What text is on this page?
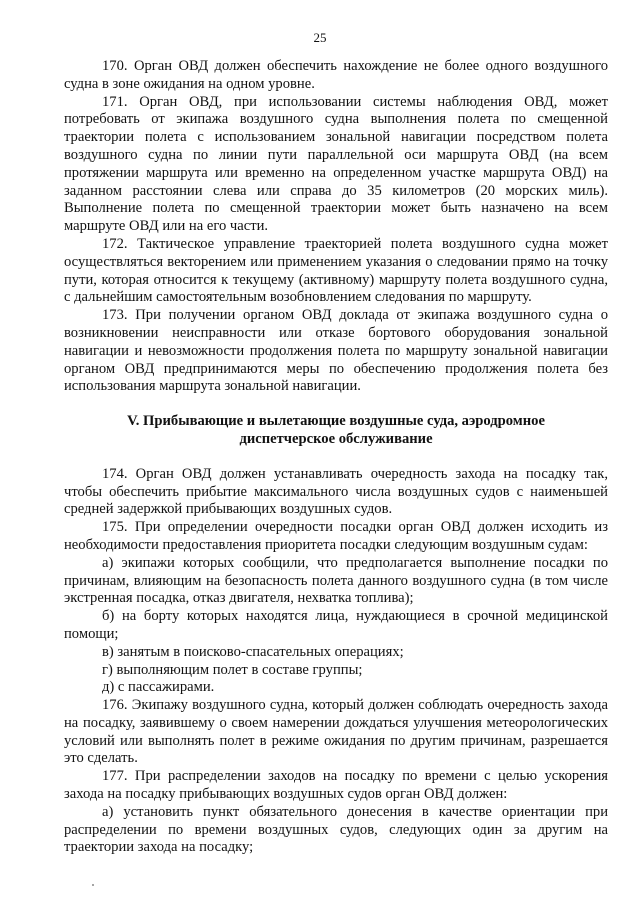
25

170. Орган ОВД должен обеспечить нахождение не более одного воздушного судна в зоне ожидания на одном уровне.

171. Орган ОВД, при использовании системы наблюдения ОВД, может потребовать от экипажа воздушного судна выполнения полета по смещенной траектории полета с использованием зональной навигации посредством полета воздушного судна по линии пути параллельной оси маршрута ОВД (на всем протяжении маршрута или временно на определенном участке маршрута ОВД) на заданном расстоянии слева или справа до 35 километров (20 морских миль). Выполнение полета по смещенной траектории может быть назначено на всем маршруте ОВД или на его части.

172. Тактическое управление траекторией полета воздушного судна может осуществляться векторением или применением указания о следовании прямо на точку пути, которая относится к текущему (активному) маршруту полета воздушного судна, с дальнейшим самостоятельным возобновлением следования по маршруту.

173. При получении органом ОВД доклада от экипажа воздушного судна о возникновении неисправности или отказе бортового оборудования зональной навигации и невозможности продолжения полета по маршруту зональной навигации органом ОВД предпринимаются меры по обеспечению продолжения полета без использования маршрута зональной навигации.

V. Прибывающие и вылетающие воздушные суда, аэродромное
диспетчерское обслуживание

174. Орган ОВД должен устанавливать очередность захода на посадку так, чтобы обеспечить прибытие максимального числа воздушных судов с наименьшей средней задержкой прибывающих воздушных судов.

175. При определении очередности посадки орган ОВД должен исходить из необходимости предоставления приоритета посадки следующим воздушным судам:

а) экипажи которых сообщили, что предполагается выполнение посадки по причинам, влияющим на безопасность полета данного воздушного судна (в том числе экстренная посадка, отказ двигателя, нехватка топлива);

б) на борту которых находятся лица, нуждающиеся в срочной медицинской помощи;

в) занятым в поисково-спасательных операциях;

г) выполняющим полет в составе группы;

д) с пассажирами.

176. Экипажу воздушного судна, который должен соблюдать очередность захода на посадку, заявившему о своем намерении дождаться улучшения метеорологических условий или выполнять полет в режиме ожидания по другим причинам, разрешается это сделать.

177. При распределении заходов на посадку по времени с целью ускорения захода на посадку прибывающих воздушных судов орган ОВД должен:

а) установить пункт обязательного донесения в качестве ориентации при распределении по времени воздушных судов, следующих один за другим на траектории захода на посадку;
